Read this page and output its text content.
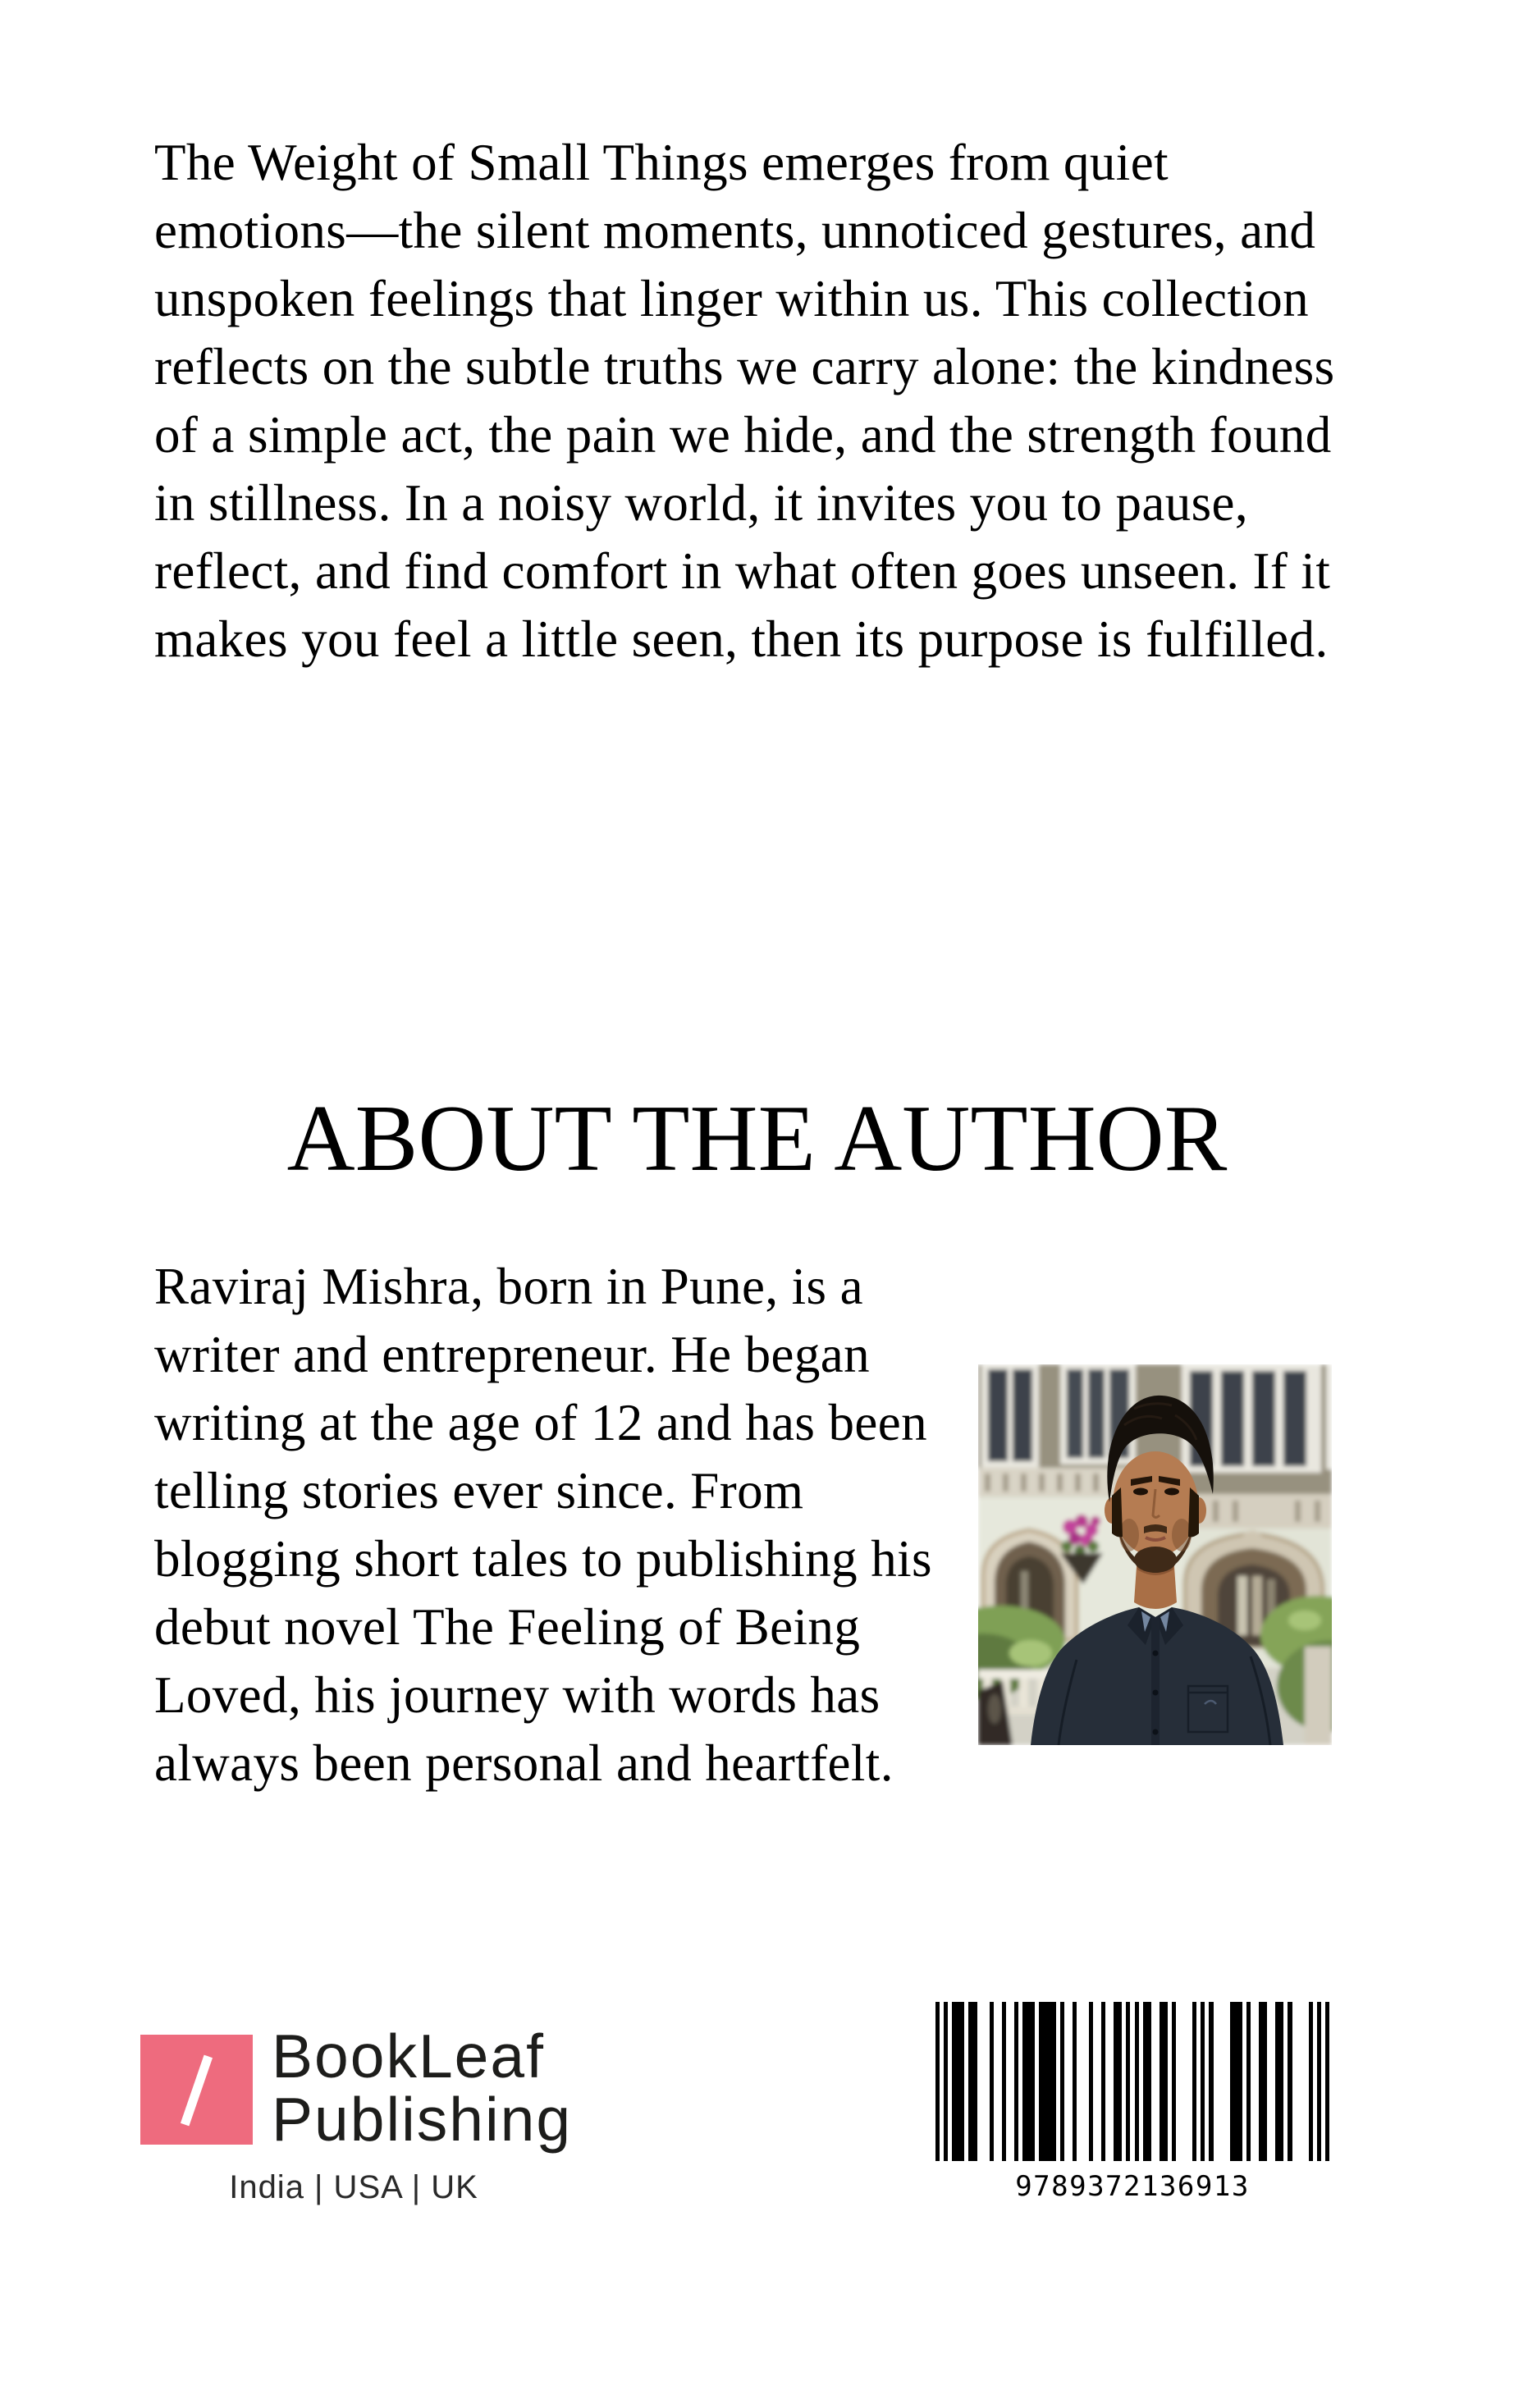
The Weight of Small Things emerges from quiet
emotions—the silent moments, unnoticed gestures, and
unspoken feelings that linger within us. This collection
reflects on the subtle truths we carry alone: the kindness
of a simple act, the pain we hide, and the strength found
in stillness. In a noisy world, it invites you to pause,
reflect, and find comfort in what often goes unseen. If it
makes you feel a little seen, then its purpose is fulfilled.
ABOUT THE AUTHOR
Raviraj Mishra, born in Pune, is a
writer and entrepreneur. He began
writing at the age of 12 and has been
telling stories ever since. From
blogging short tales to publishing his
debut novel The Feeling of Being
Loved, his journey with words has
always been personal and heartfelt.
BookLeaf
Publishing
India | USA | UK	9789372136913
